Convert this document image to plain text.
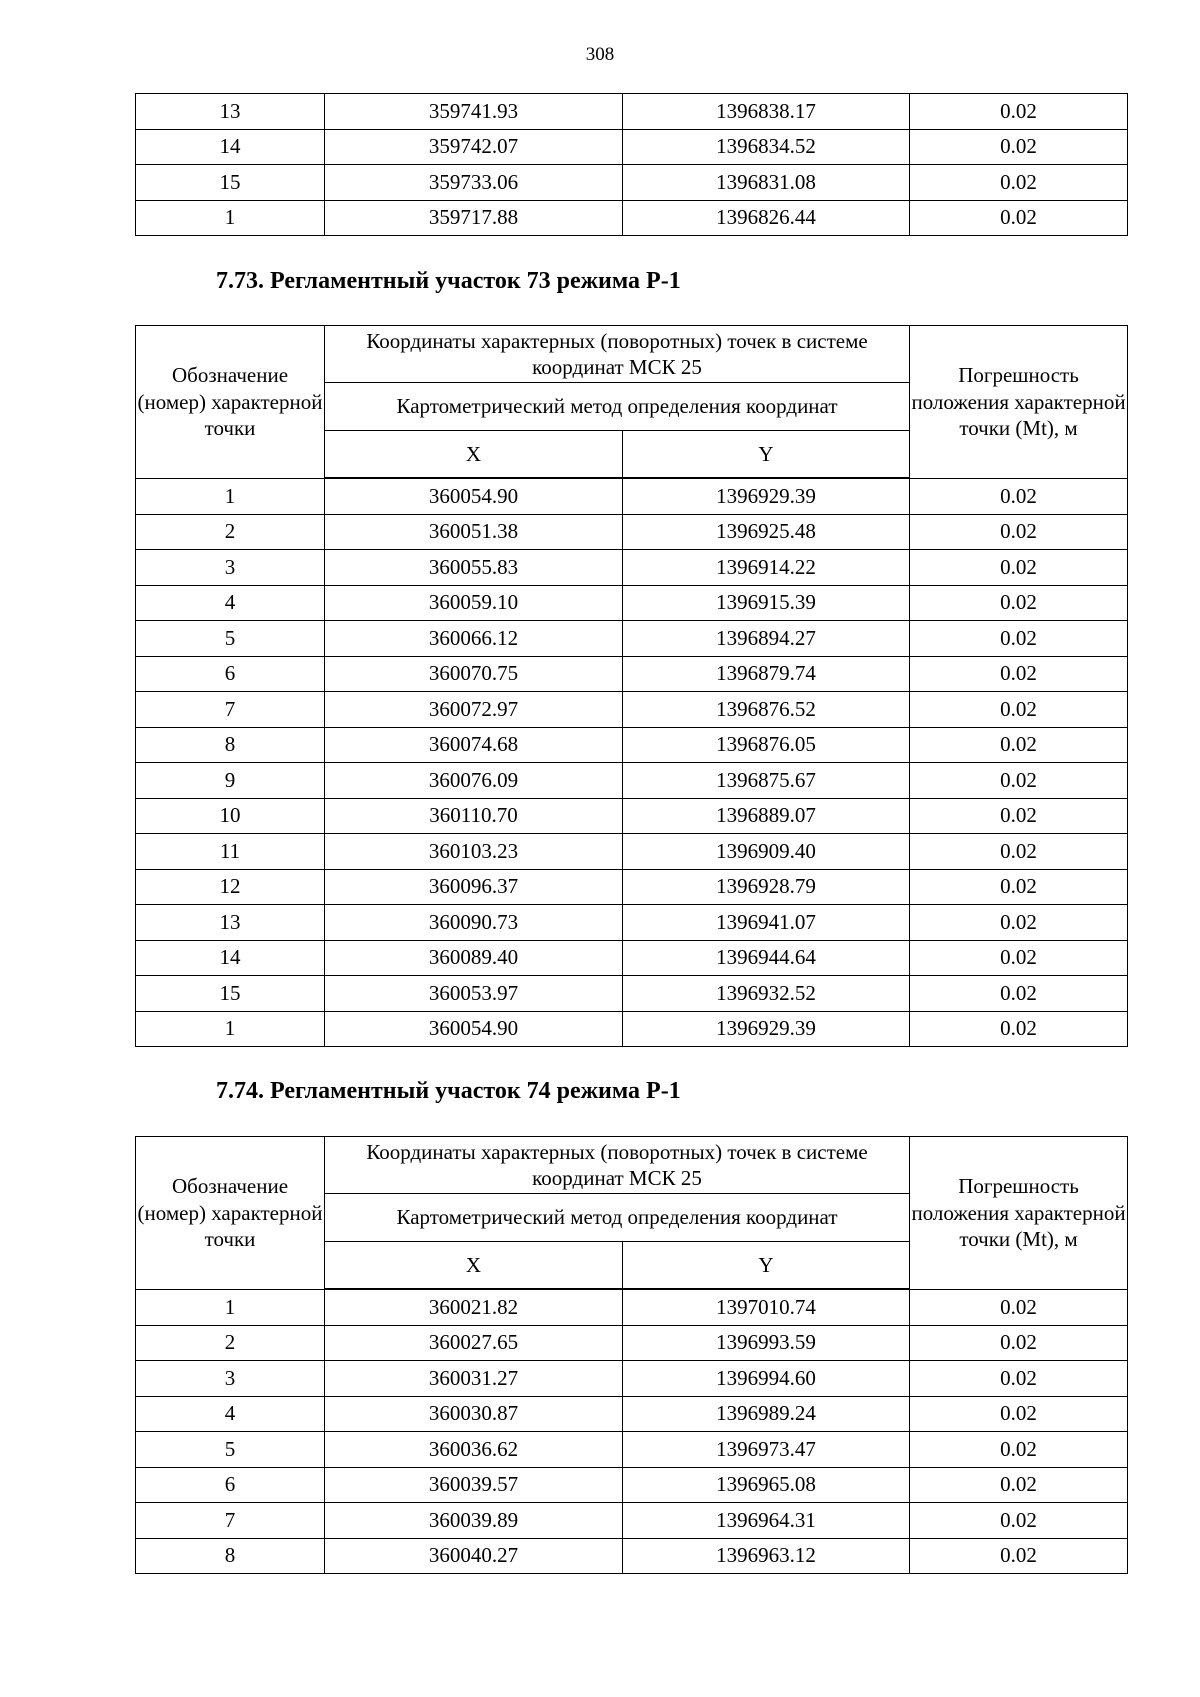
308
13	359741.93	1396838.17	0.02
14	359742.07	1396834.52	0.02
15	359733.06	1396831.08	0.02
1	359717.88	1396826.44	0.02
7.73. Регламентный участок 73 режима Р-1
Обозначение (номер) характерной точки	Координаты характерных (поворотных) точек в системе координат МСК 25		Погрешность положения характерной точки (Mt), м
	Картометрический метод определения координат		
	X	Y	
1	360054.90	1396929.39	0.02
2	360051.38	1396925.48	0.02
3	360055.83	1396914.22	0.02
4	360059.10	1396915.39	0.02
5	360066.12	1396894.27	0.02
6	360070.75	1396879.74	0.02
7	360072.97	1396876.52	0.02
8	360074.68	1396876.05	0.02
9	360076.09	1396875.67	0.02
10	360110.70	1396889.07	0.02
11	360103.23	1396909.40	0.02
12	360096.37	1396928.79	0.02
13	360090.73	1396941.07	0.02
14	360089.40	1396944.64	0.02
15	360053.97	1396932.52	0.02
1	360054.90	1396929.39	0.02
7.74. Регламентный участок 74 режима Р-1
Обозначение (номер) характерной точки	Координаты характерных (поворотных) точек в системе координат МСК 25		Погрешность положения характерной точки (Mt), м
	Картометрический метод определения координат		
	X	Y	
1	360021.82	1397010.74	0.02
2	360027.65	1396993.59	0.02
3	360031.27	1396994.60	0.02
4	360030.87	1396989.24	0.02
5	360036.62	1396973.47	0.02
6	360039.57	1396965.08	0.02
7	360039.89	1396964.31	0.02
8	360040.27	1396963.12	0.02
